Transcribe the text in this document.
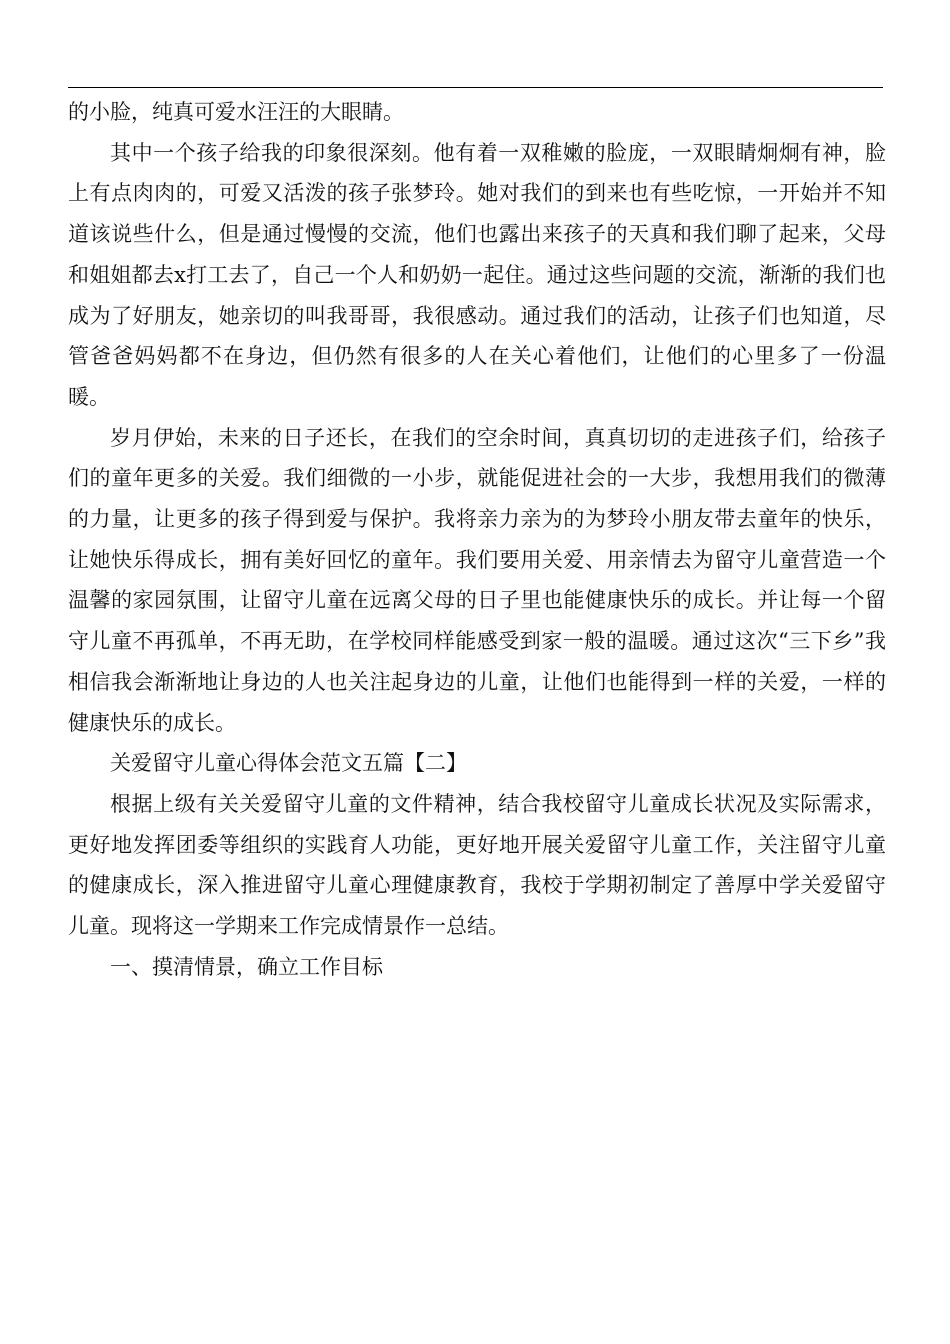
的小脸，纯真可爱水汪汪的大眼睛。

其中一个孩子给我的印象很深刻。他有着一双稚嫩的脸庞，一双眼睛炯炯有神，脸上有点肉肉的，可爱又活泼的孩子张梦玲。她对我们的到来也有些吃惊，一开始并不知道该说些什么，但是通过慢慢的交流，他们也露出来孩子的天真和我们聊了起来，父母和姐姐都去x打工去了，自己一个人和奶奶一起住。通过这些问题的交流，渐渐的我们也成为了好朋友，她亲切的叫我哥哥，我很感动。通过我们的活动，让孩子们也知道，尽管爸爸妈妈都不在身边，但仍然有很多的人在关心着他们，让他们的心里多了一份温暖。

岁月伊始，未来的日子还长，在我们的空余时间，真真切切的走进孩子们，给孩子们的童年更多的关爱。我们细微的一小步，就能促进社会的一大步，我想用我们的微薄的力量，让更多的孩子得到爱与保护。我将亲力亲为的为梦玲小朋友带去童年的快乐，让她快乐得成长，拥有美好回忆的童年。我们要用关爱、用亲情去为留守儿童营造一个温馨的家园氛围，让留守儿童在远离父母的日子里也能健康快乐的成长。并让每一个留守儿童不再孤单，不再无助，在学校同样能感受到家一般的温暖。通过这次“三下乡”我相信我会渐渐地让身边的人也关注起身边的儿童，让他们也能得到一样的关爱，一样的健康快乐的成长。

关爱留守儿童心得体会范文五篇【二】

根据上级有关关爱留守儿童的文件精神，结合我校留守儿童成长状况及实际需求，更好地发挥团委等组织的实践育人功能，更好地开展关爱留守儿童工作，关注留守儿童的健康成长，深入推进留守儿童心理健康教育，我校于学期初制定了善厚中学关爱留守儿童。现将这一学期来工作完成情景作一总结。

一、摸清情景，确立工作目标
